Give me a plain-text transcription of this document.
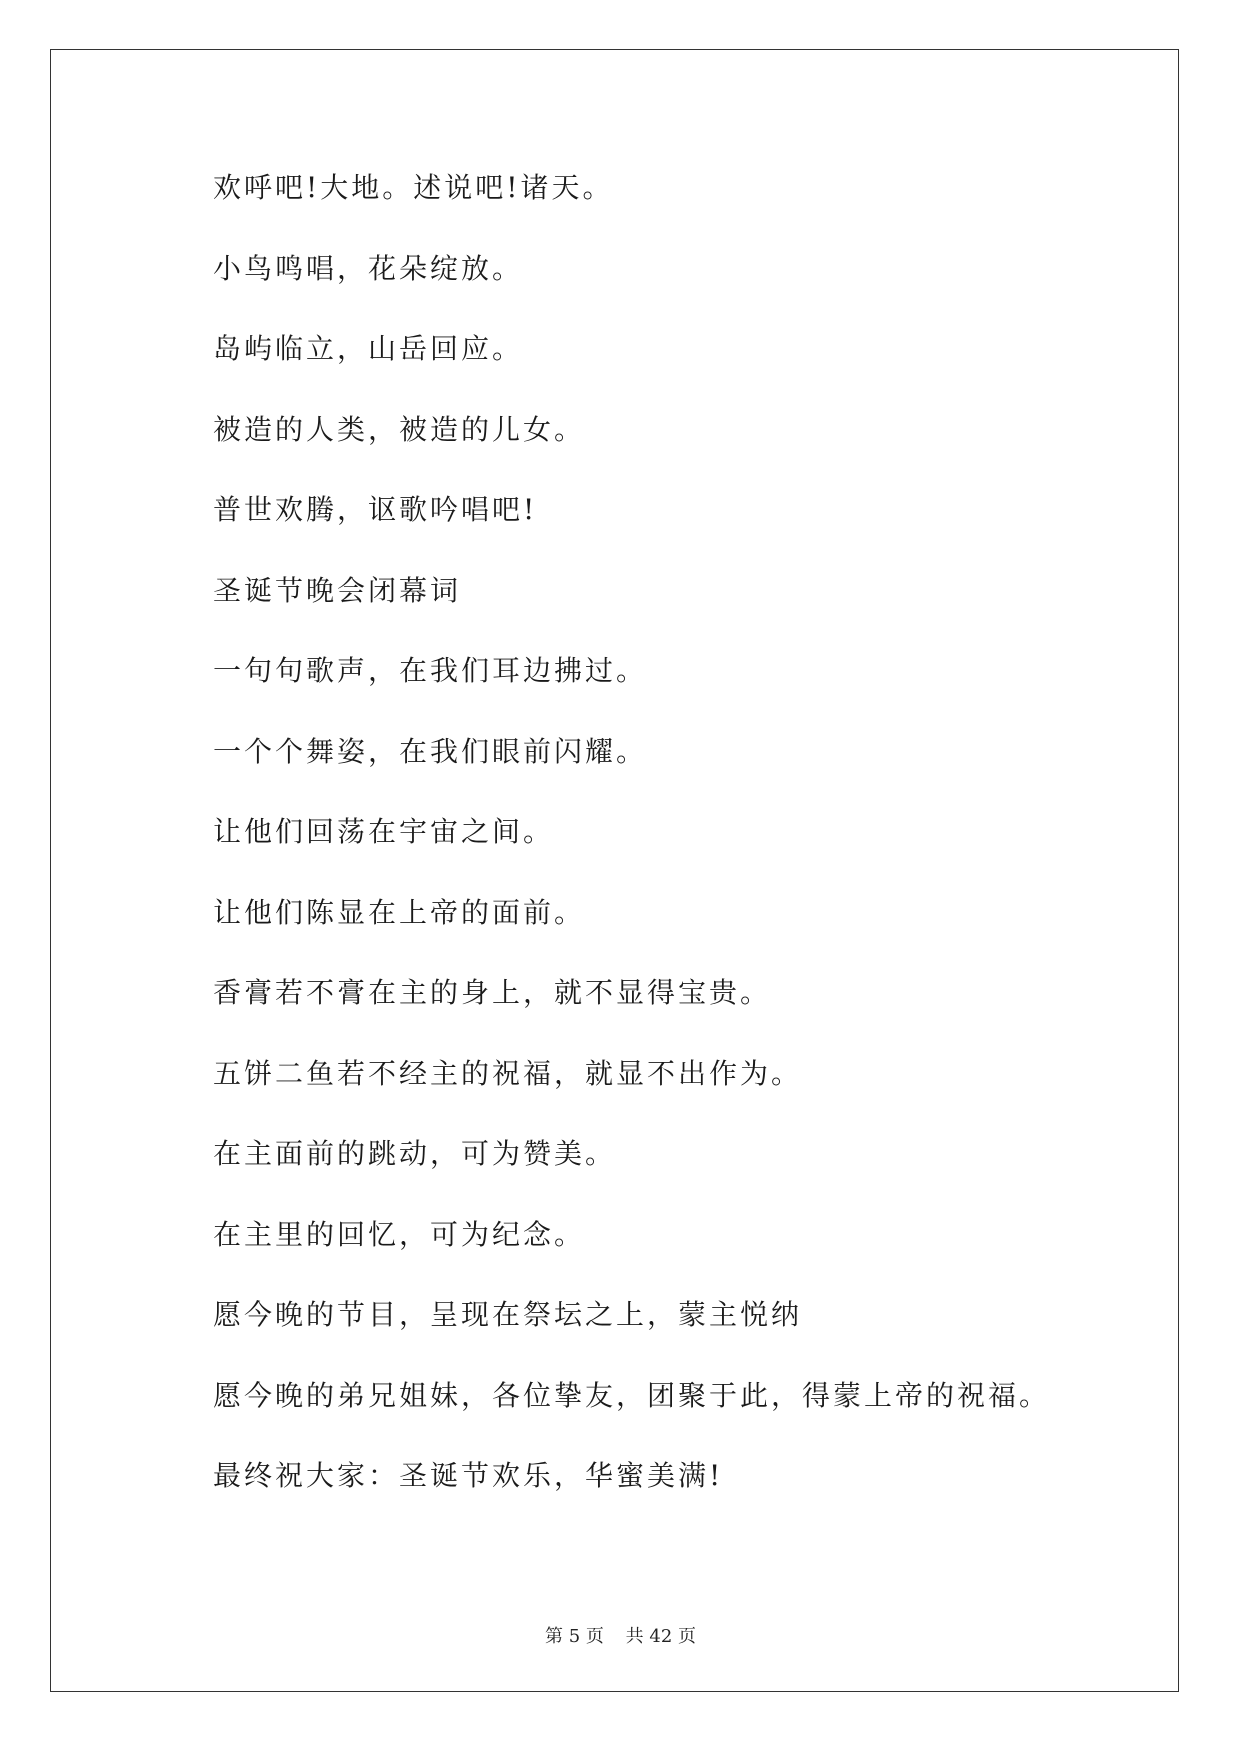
欢呼吧!大地。述说吧!诸天。
小鸟鸣唱，花朵绽放。
岛屿临立，山岳回应。
被造的人类，被造的儿女。
普世欢腾，讴歌吟唱吧!
圣诞节晚会闭幕词
一句句歌声，在我们耳边拂过。
一个个舞姿，在我们眼前闪耀。
让他们回荡在宇宙之间。
让他们陈显在上帝的面前。
香膏若不膏在主的身上，就不显得宝贵。
五饼二鱼若不经主的祝福，就显不出作为。
在主面前的跳动，可为赞美。
在主里的回忆，可为纪念。
愿今晚的节目，呈现在祭坛之上，蒙主悦纳
愿今晚的弟兄姐妹，各位挚友，团聚于此，得蒙上帝的祝福。
最终祝大家：圣诞节欢乐，华蜜美满!
第 5 页 共 42 页
